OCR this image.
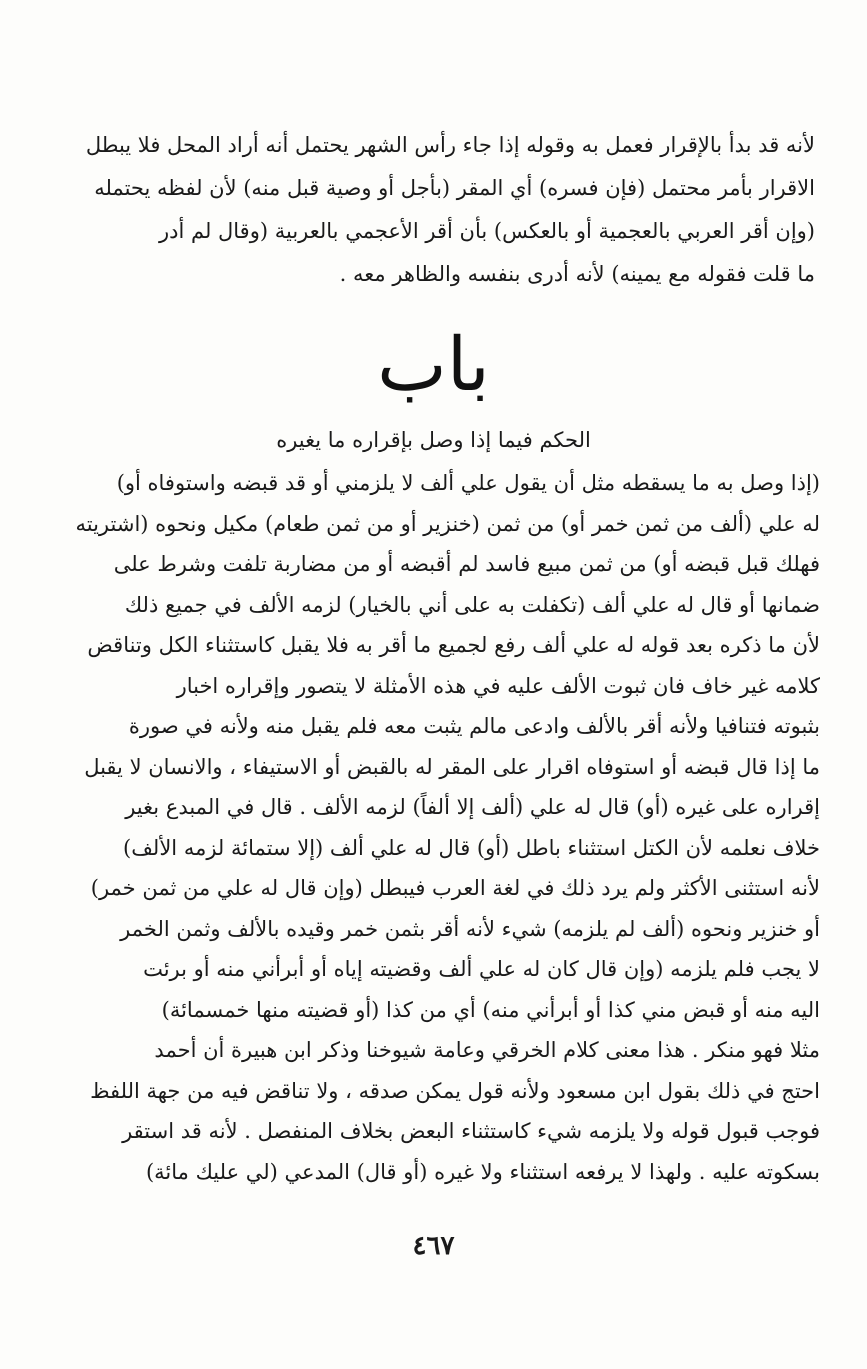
لأنه قد بدأ بالإقرار فعمل به وقوله إذا جاء رأس الشهر يحتمل أنه أراد المحل فلا يبطل
الاقرار بأمر محتمل (فإن فسره) أي المقر (بأجل أو وصية قبل منه) لأن لفظه يحتمله
(وإن أقر العربي بالعجمية أو بالعكس) بأن أقر الأعجمي بالعربية (وقال لم أدر
ما قلت فقوله مع يمينه) لأنه أدرى بنفسه والظاهر معه .
باب
الحكم فيما إذا وصل بإقراره ما يغيره
(إذا وصل به ما يسقطه مثل أن يقول علي ألف لا يلزمني أو قد قبضه واستوفاه أو)
له علي (ألف من ثمن خمر أو) من ثمن (خنزير أو من ثمن طعام) مكيل ونحوه (اشتريته
فهلك قبل قبضه أو) من ثمن مبيع فاسد لم أقبضه أو من مضاربة تلفت وشرط على
ضمانها أو قال له علي ألف (تكفلت به على أني بالخيار) لزمه الألف في جميع ذلك
لأن ما ذكره بعد قوله له علي ألف رفع لجميع ما أقر به فلا يقبل كاستثناء الكل وتناقض
كلامه غير خاف فان ثبوت الألف عليه في هذه الأمثلة لا يتصور وإقراره اخبار
بثبوته فتنافيا ولأنه أقر بالألف وادعى مالم يثبت معه فلم يقبل منه ولأنه في صورة
ما إذا قال قبضه أو استوفاه اقرار على المقر له بالقبض أو الاستيفاء ، والانسان لا يقبل
إقراره على غيره (أو) قال له علي (ألف إلا ألفاً) لزمه الألف . قال في المبدع بغير
خلاف نعلمه لأن الكتل استثناء باطل (أو) قال له علي ألف (إلا ستمائة لزمه الألف)
لأنه استثنى الأكثر ولم يرد ذلك في لغة العرب فيبطل (وإن قال له علي من ثمن خمر)
أو خنزير ونحوه (ألف لم يلزمه) شيء لأنه أقر بثمن خمر وقيده بالألف وثمن الخمر
لا يجب فلم يلزمه (وإن قال كان له علي ألف وقضيته إياه أو أبرأني منه أو برئت
اليه منه أو قبض مني كذا أو أبرأني منه) أي من كذا (أو قضيته منها خمسمائة)
مثلا فهو منكر . هذا معنى كلام الخرقي وعامة شيوخنا وذكر ابن هبيرة أن أحمد
احتج في ذلك بقول ابن مسعود ولأنه قول يمكن صدقه ، ولا تناقض فيه من جهة اللفظ
فوجب قبول قوله ولا يلزمه شيء كاستثناء البعض بخلاف المنفصل . لأنه قد استقر
بسكوته عليه . ولهذا لا يرفعه استثناء ولا غيره (أو قال) المدعي (لي عليك مائة)
٤٦٧
